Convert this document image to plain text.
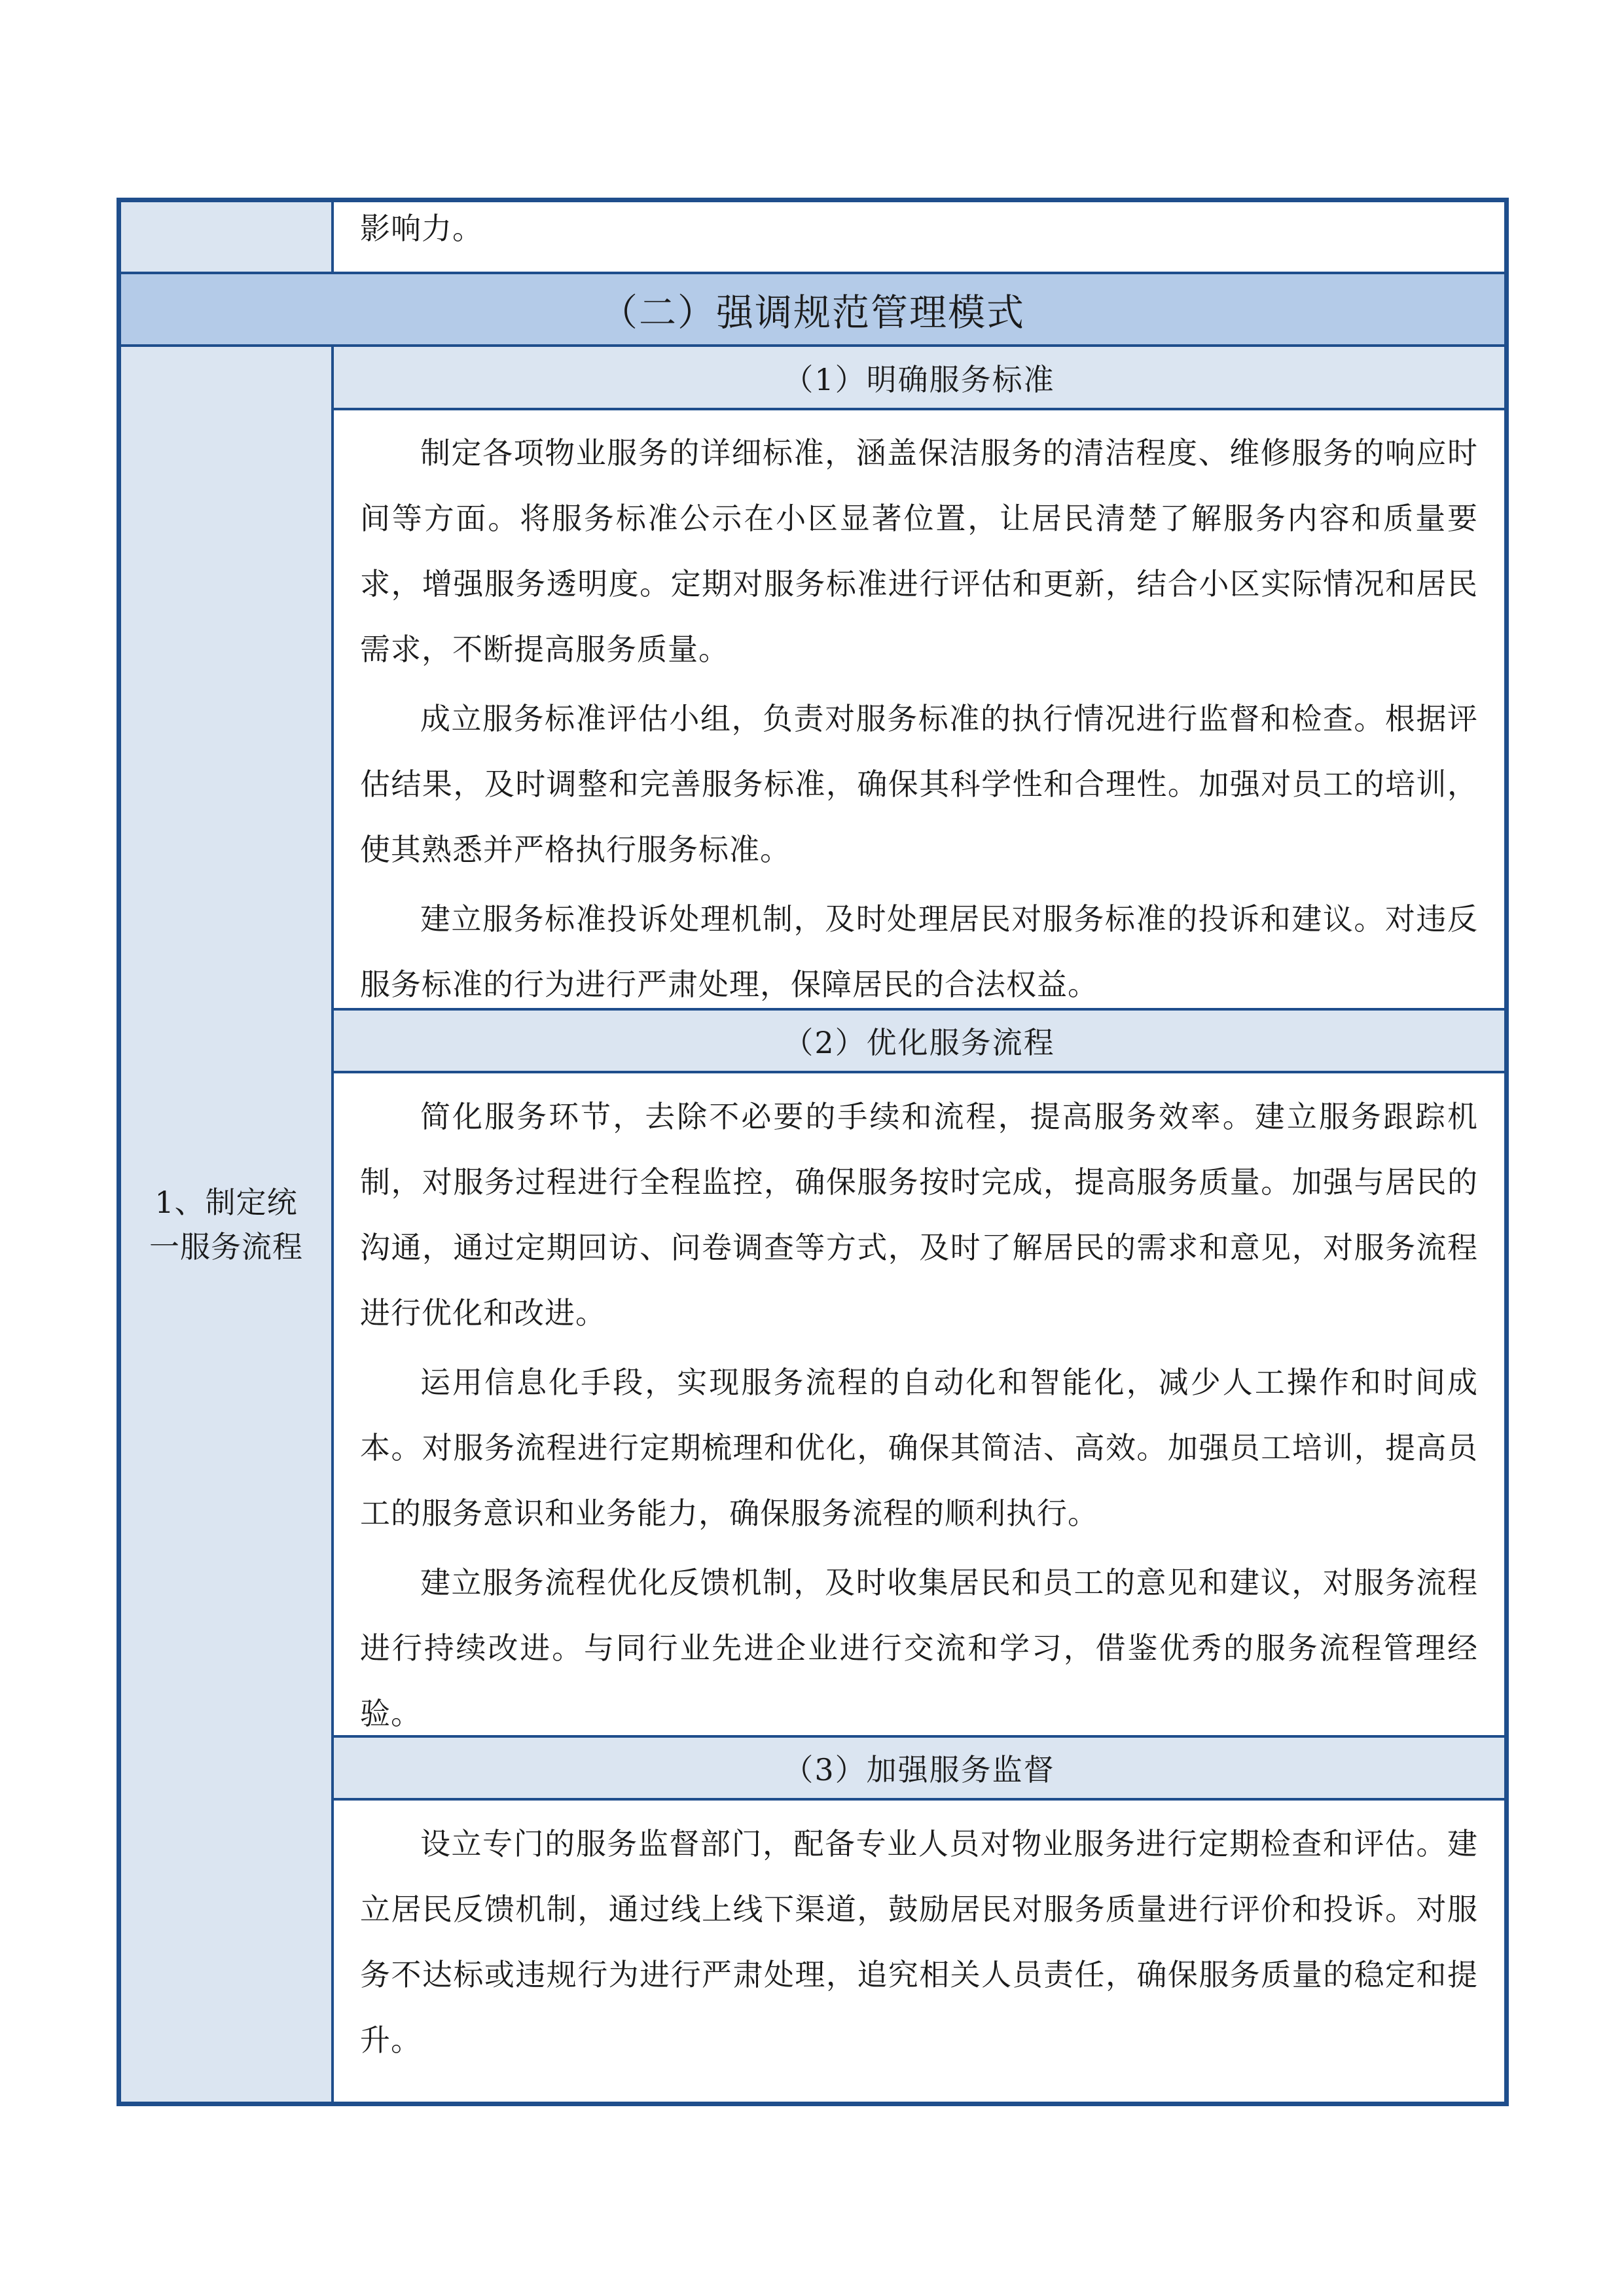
影响力。
（二）强调规范管理模式
1、制定统一服务流程
（1）明确服务标准

制定各项物业服务的详细标准，涵盖保洁服务的清洁程度、维修服务的响应时间等方面。将服务标准公示在小区显著位置，让居民清楚了解服务内容和质量要求，增强服务透明度。定期对服务标准进行评估和更新，结合小区实际情况和居民需求，不断提高服务质量。

成立服务标准评估小组，负责对服务标准的执行情况进行监督和检查。根据评估结果，及时调整和完善服务标准，确保其科学性和合理性。加强对员工的培训，使其熟悉并严格执行服务标准。

建立服务标准投诉处理机制，及时处理居民对服务标准的投诉和建议。对违反服务标准的行为进行严肃处理，保障居民的合法权益。

（2）优化服务流程

简化服务环节，去除不必要的手续和流程，提高服务效率。建立服务跟踪机制，对服务过程进行全程监控，确保服务按时完成，提高服务质量。加强与居民的沟通，通过定期回访、问卷调查等方式，及时了解居民的需求和意见，对服务流程进行优化和改进。

运用信息化手段，实现服务流程的自动化和智能化，减少人工操作和时间成本。对服务流程进行定期梳理和优化，确保其简洁、高效。加强员工培训，提高员工的服务意识和业务能力，确保服务流程的顺利执行。

建立服务流程优化反馈机制，及时收集居民和员工的意见和建议，对服务流程进行持续改进。与同行业先进企业进行交流和学习，借鉴优秀的服务流程管理经验。

（3）加强服务监督

设立专门的服务监督部门，配备专业人员对物业服务进行定期检查和评估。建立居民反馈机制，通过线上线下渠道，鼓励居民对服务质量进行评价和投诉。对服务不达标或违规行为进行严肃处理，追究相关人员责任，确保服务质量的稳定和提升。
